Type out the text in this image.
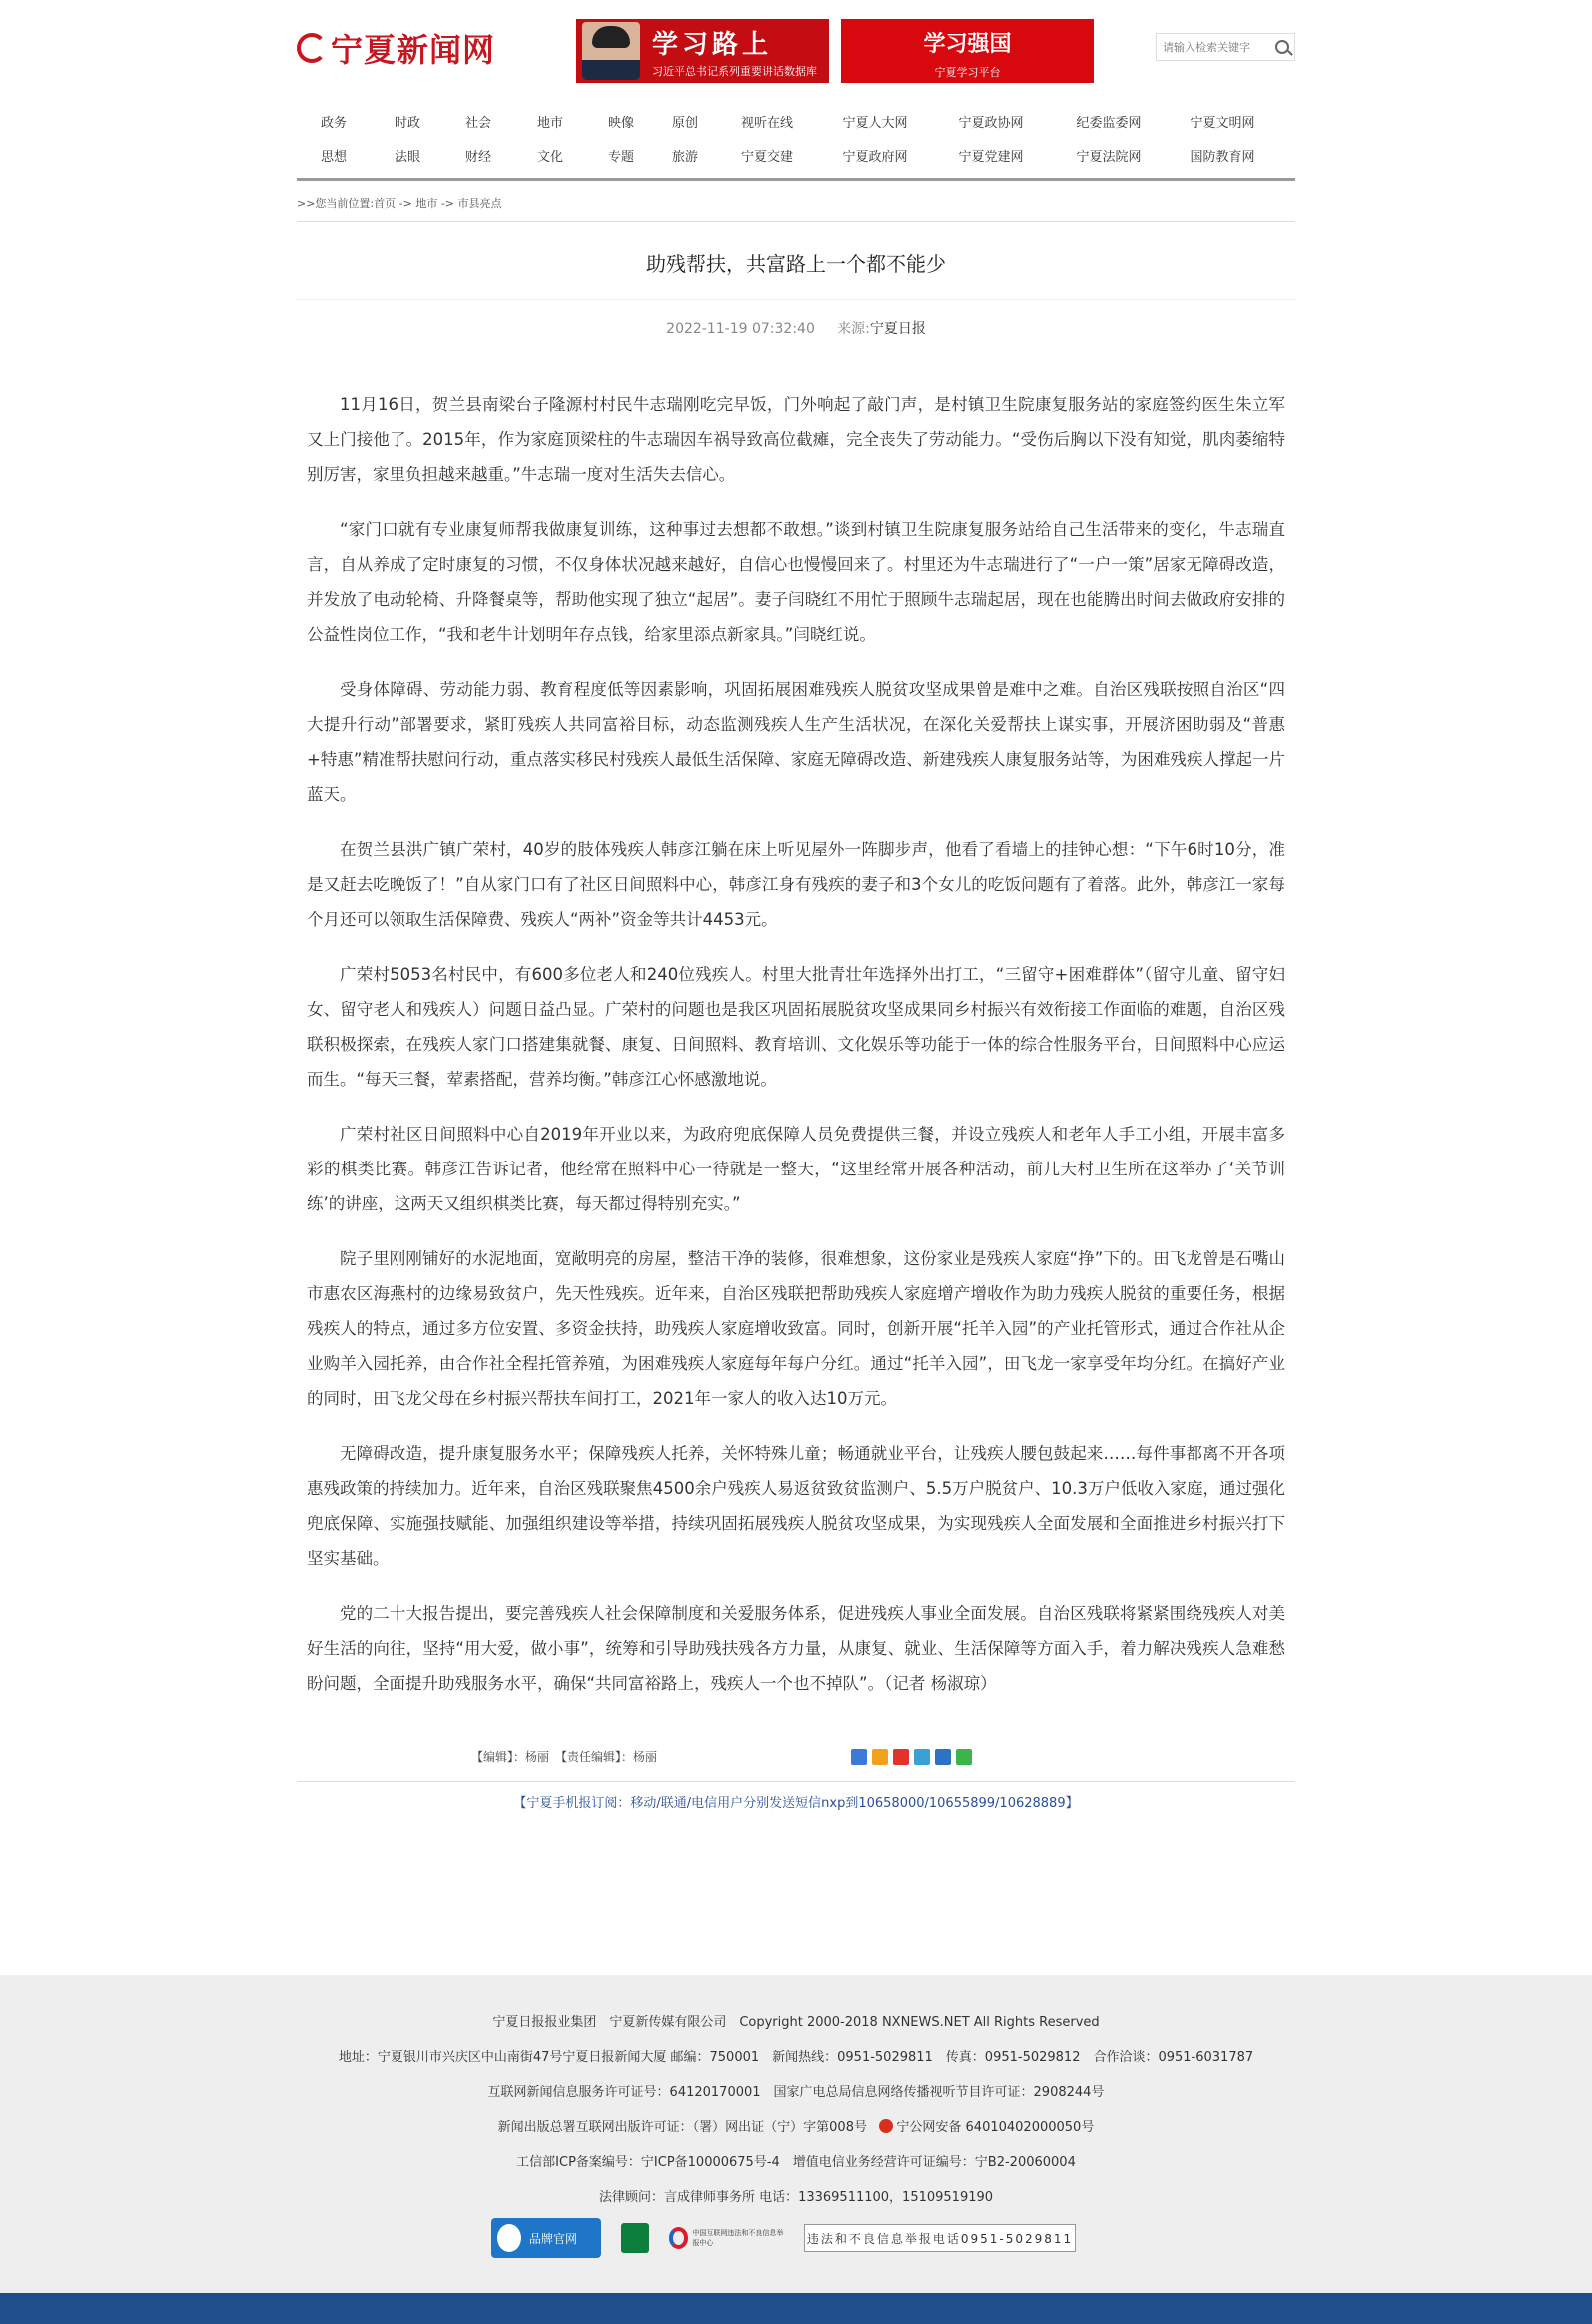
宁夏新闻网	学习路上
习近平总书记系列重要讲话数据库
学习强国
宁夏学习平台
请输入检索关键字
政务	时政	社会	地市	映像	原创	视听在线	宁夏人大网	宁夏政协网	纪委监委网	宁夏文明网
思想	法眼	财经	文化	专题	旅游	宁夏交建	宁夏政府网	宁夏党建网	宁夏法院网	国防教育网
>>您当前位置:首页 -> 地市 -> 市县亮点
助残帮扶，共富路上一个都不能少
2022-11-19 07:32:40 来源:宁夏日报

11月16日，贺兰县南梁台子隆源村村民牛志瑞刚吃完早饭，门外响起了敲门声，是村镇卫生院康复服务站的家庭签约医生朱立军又上门接他了。2015年，作为家庭顶梁柱的牛志瑞因车祸导致高位截瘫，完全丧失了劳动能力。“受伤后胸以下没有知觉，肌肉萎缩特别厉害，家里负担越来越重。”牛志瑞一度对生活失去信心。

“家门口就有专业康复师帮我做康复训练，这种事过去想都不敢想。”谈到村镇卫生院康复服务站给自己生活带来的变化，牛志瑞直言，自从养成了定时康复的习惯，不仅身体状况越来越好，自信心也慢慢回来了。村里还为牛志瑞进行了“一户一策”居家无障碍改造，并发放了电动轮椅、升降餐桌等，帮助他实现了独立“起居”。妻子闫晓红不用忙于照顾牛志瑞起居，现在也能腾出时间去做政府安排的公益性岗位工作，“我和老牛计划明年存点钱，给家里添点新家具。”闫晓红说。

受身体障碍、劳动能力弱、教育程度低等因素影响，巩固拓展困难残疾人脱贫攻坚成果曾是难中之难。自治区残联按照自治区“四大提升行动”部署要求，紧盯残疾人共同富裕目标，动态监测残疾人生产生活状况，在深化关爱帮扶上谋实事，开展济困助弱及“普惠+特惠”精准帮扶慰问行动，重点落实移民村残疾人最低生活保障、家庭无障碍改造、新建残疾人康复服务站等，为困难残疾人撑起一片蓝天。

在贺兰县洪广镇广荣村，40岁的肢体残疾人韩彦江躺在床上听见屋外一阵脚步声，他看了看墙上的挂钟心想：“下午6时10分，准是又赶去吃晚饭了！”自从家门口有了社区日间照料中心，韩彦江身有残疾的妻子和3个女儿的吃饭问题有了着落。此外，韩彦江一家每个月还可以领取生活保障费、残疾人“两补”资金等共计4453元。

广荣村5053名村民中，有600多位老人和240位残疾人。村里大批青壮年选择外出打工，“三留守+困难群体”（留守儿童、留守妇女、留守老人和残疾人）问题日益凸显。广荣村的问题也是我区巩固拓展脱贫攻坚成果同乡村振兴有效衔接工作面临的难题，自治区残联积极探索，在残疾人家门口搭建集就餐、康复、日间照料、教育培训、文化娱乐等功能于一体的综合性服务平台，日间照料中心应运而生。“每天三餐，荤素搭配，营养均衡。”韩彦江心怀感激地说。

广荣村社区日间照料中心自2019年开业以来，为政府兜底保障人员免费提供三餐，并设立残疾人和老年人手工小组，开展丰富多彩的棋类比赛。韩彦江告诉记者，他经常在照料中心一待就是一整天，“这里经常开展各种活动，前几天村卫生所在这举办了‘关节训练’的讲座，这两天又组织棋类比赛，每天都过得特别充实。”

院子里刚刚铺好的水泥地面，宽敞明亮的房屋，整洁干净的装修，很难想象，这份家业是残疾人家庭“挣”下的。田飞龙曾是石嘴山市惠农区海燕村的边缘易致贫户，先天性残疾。近年来，自治区残联把帮助残疾人家庭增产增收作为助力残疾人脱贫的重要任务，根据残疾人的特点，通过多方位安置、多资金扶持，助残疾人家庭增收致富。同时，创新开展“托羊入园”的产业托管形式，通过合作社从企业购羊入园托养，由合作社全程托管养殖，为困难残疾人家庭每年每户分红。通过“托羊入园”，田飞龙一家享受年均分红。在搞好产业的同时，田飞龙父母在乡村振兴帮扶车间打工，2021年一家人的收入达10万元。

无障碍改造，提升康复服务水平；保障残疾人托养，关怀特殊儿童；畅通就业平台，让残疾人腰包鼓起来……每件事都离不开各项惠残政策的持续加力。近年来，自治区残联聚焦4500余户残疾人易返贫致贫监测户、5.5万户脱贫户、10.3万户低收入家庭，通过强化兜底保障、实施强技赋能、加强组织建设等举措，持续巩固拓展残疾人脱贫攻坚成果，为实现残疾人全面发展和全面推进乡村振兴打下坚实基础。

党的二十大报告提出，要完善残疾人社会保障制度和关爱服务体系，促进残疾人事业全面发展。自治区残联将紧紧围绕残疾人对美好生活的向往，坚持“用大爱，做小事”，统筹和引导助残扶残各方力量，从康复、就业、生活保障等方面入手，着力解决残疾人急难愁盼问题，全面提升助残服务水平，确保“共同富裕路上，残疾人一个也不掉队”。（记者 杨淑琼）

【编辑】：杨丽　【责任编辑】：杨丽
【宁夏手机报订阅：移动/联通/电信用户分别发送短信nxp到10658000/10655899/10628889】
宁夏日报报业集团　宁夏新传媒有限公司　Copyright 2000-2018 NXNEWS.NET All Rights Reserved
地址：宁夏银川市兴庆区中山南街47号宁夏日报新闻大厦 邮编：750001　新闻热线：0951-5029811　传真：0951-5029812　合作洽谈：0951-6031787
互联网新闻信息服务许可证号：64120170001　国家广电总局信息网络传播视听节目许可证：2908244号
新闻出版总署互联网出版许可证：（署）网出证（宁）字第008号 宁公网安备 64010402000050号
工信部ICP备案编号：宁ICP备10000675号-4　增值电信业务经营许可证编号：宁B2-20060004
法律顾问：言成律师事务所 电话：13369511100，15109519190
品牌官网	中国互联网违法和不良信息举报中心	违法和不良信息举报电话0951-5029811
